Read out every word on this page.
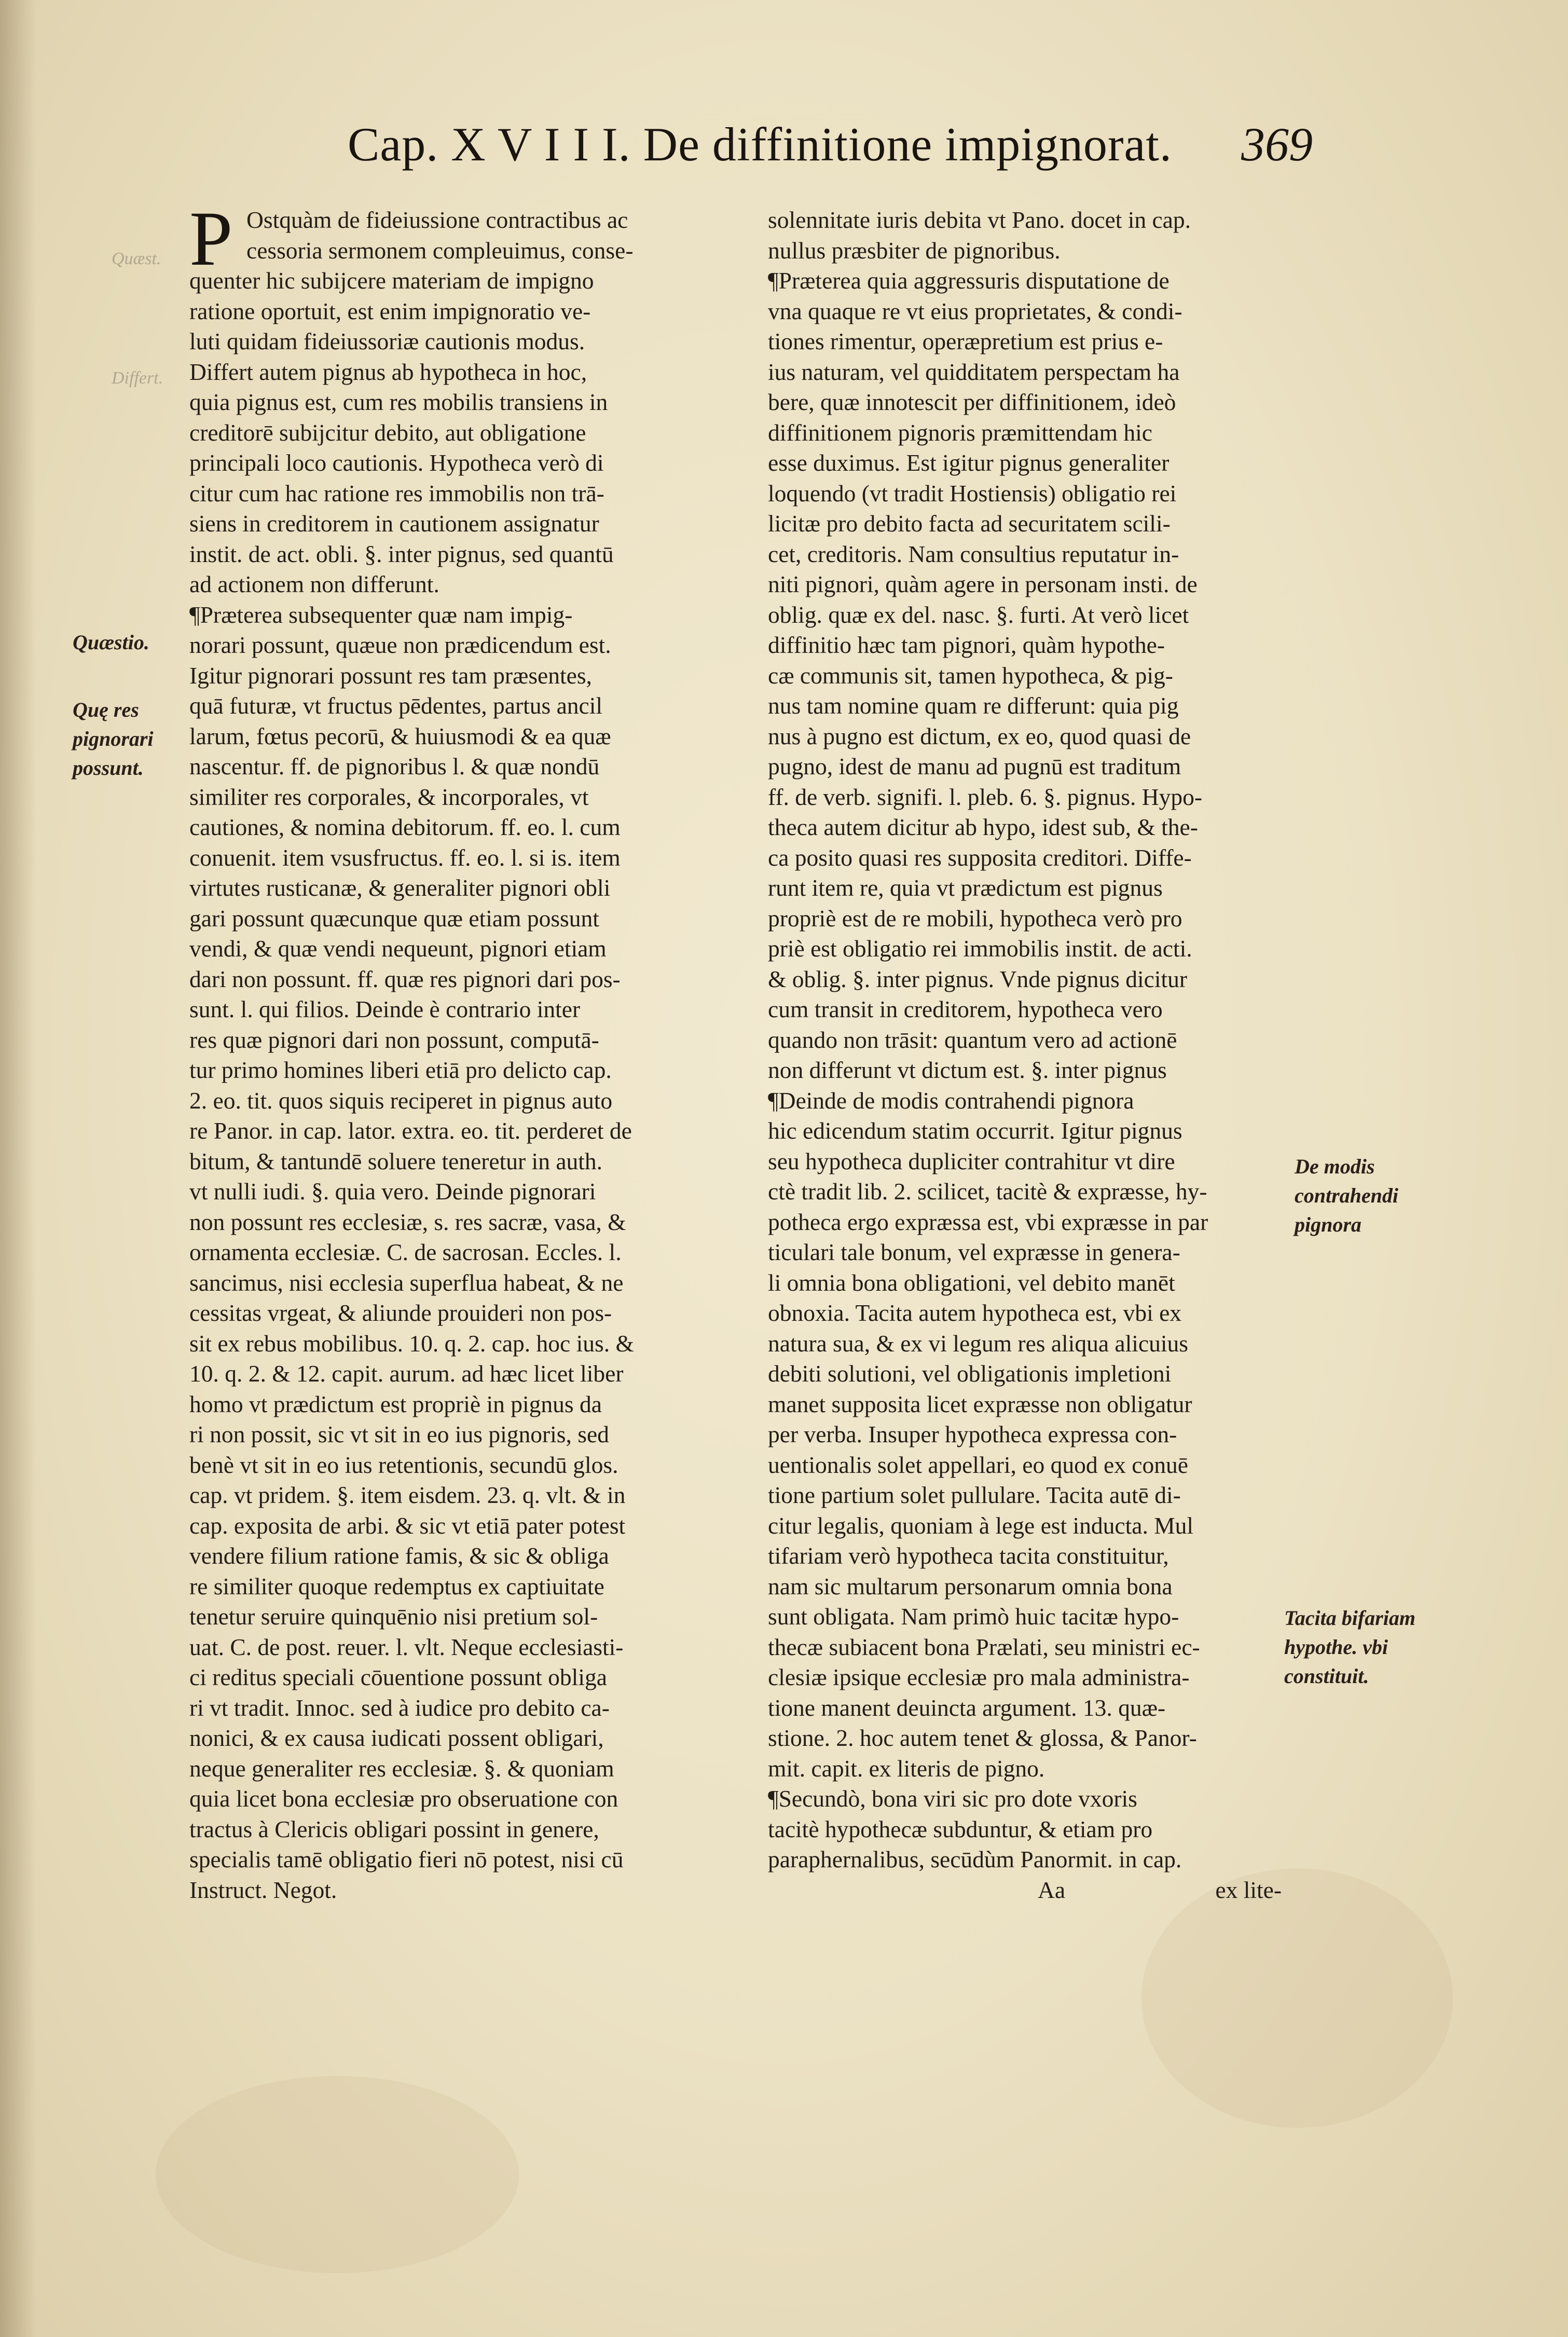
Cap. X V I I I. De diffinitione impignorat. 369
Quæst.
Differt.
Quæstio.
Quę res pignorari possunt.
De modis contrahendi pignora
Tacita bifariam hypothe. vbi constituit.
P Ostquàm de fideiussione contractibus ac
cessoria sermonem compleuimus, conse-
quenter hic subijcere materiam de impigno
ratione oportuit, est enim impignoratio ve-
luti quidam fideiussoriæ cautionis modus.
Differt autem pignus ab hypotheca in hoc,
quia pignus est, cum res mobilis transiens in
creditorē subijcitur debito, aut obligatione
principali loco cautionis. Hypotheca verò di
citur cum hac ratione res immobilis non trā-
siens in creditorem in cautionem assignatur
instit. de act. obli. §. inter pignus, sed quantū
ad actionem non differunt.
¶Præterea subsequenter quæ nam impig-
norari possunt, quæue non prædicendum est.
Igitur pignorari possunt res tam præsentes,
quā futuræ, vt fructus pēdentes, partus ancil
larum, fœtus pecorū, & huiusmodi & ea quæ
nascentur. ff. de pignoribus l. & quæ nondū
similiter res corporales, & incorporales, vt
cautiones, & nomina debitorum. ff. eo. l. cum
conuenit. item vsusfructus. ff. eo. l. si is. item
virtutes rusticanæ, & generaliter pignori obli
gari possunt quæcunque quæ etiam possunt
vendi, & quæ vendi nequeunt, pignori etiam
dari non possunt. ff. quæ res pignori dari pos-
sunt. l. qui filios. Deinde è contrario inter
res quæ pignori dari non possunt, computā-
tur primo homines liberi etiā pro delicto cap.
2. eo. tit. quos siquis reciperet in pignus auto
re Panor. in cap. lator. extra. eo. tit. perderet de
bitum, & tantundē soluere teneretur in auth.
vt nulli iudi. §. quia vero. Deinde pignorari
non possunt res ecclesiæ, s. res sacræ, vasa, &
ornamenta ecclesiæ. C. de sacrosan. Eccles. l.
sancimus, nisi ecclesia superflua habeat, & ne
cessitas vrgeat, & aliunde prouideri non pos-
sit ex rebus mobilibus. 10. q. 2. cap. hoc ius. &
10. q. 2. & 12. capit. aurum. ad hæc licet liber
homo vt prædictum est propriè in pignus da
ri non possit, sic vt sit in eo ius pignoris, sed
benè vt sit in eo ius retentionis, secundū glos.
cap. vt pridem. §. item eisdem. 23. q. vlt. & in
cap. exposita de arbi. & sic vt etiā pater potest
vendere filium ratione famis, & sic & obliga
re similiter quoque redemptus ex captiuitate
tenetur seruire quinquēnio nisi pretium sol-
uat. C. de post. reuer. l. vlt. Neque ecclesiasti-
ci reditus speciali cōuentione possunt obliga
ri vt tradit. Innoc. sed à iudice pro debito ca-
nonici, & ex causa iudicati possent obligari,
neque generaliter res ecclesiæ. §. & quoniam
quia licet bona ecclesiæ pro obseruatione con
tractus à Clericis obligari possint in genere,
specialis tamē obligatio fieri nō potest, nisi cū
Instruct. Negot.
solennitate iuris debita vt Pano. docet in cap.
nullus præsbiter de pignoribus.
¶Præterea quia aggressuris disputatione de
vna quaque re vt eius proprietates, & condi-
tiones rimentur, operæpretium est prius e-
ius naturam, vel quidditatem perspectam ha
bere, quæ innotescit per diffinitionem, ideò
diffinitionem pignoris præmittendam hic
esse duximus. Est igitur pignus generaliter
loquendo (vt tradit Hostiensis) obligatio rei
licitæ pro debito facta ad securitatem scili-
cet, creditoris. Nam consultius reputatur in-
niti pignori, quàm agere in personam insti. de
oblig. quæ ex del. nasc. §. furti. At verò licet
diffinitio hæc tam pignori, quàm hypothe-
cæ communis sit, tamen hypotheca, & pig-
nus tam nomine quam re differunt: quia pig
nus à pugno est dictum, ex eo, quod quasi de
pugno, idest de manu ad pugnū est traditum
ff. de verb. signifi. l. pleb. 6. §. pignus. Hypo-
theca autem dicitur ab hypo, idest sub, & the-
ca posito quasi res supposita creditori. Diffe-
runt item re, quia vt prædictum est pignus
propriè est de re mobili, hypotheca verò pro
priè est obligatio rei immobilis instit. de acti.
& oblig. §. inter pignus. Vnde pignus dicitur
cum transit in creditorem, hypotheca vero
quando non trāsit: quantum vero ad actionē
non differunt vt dictum est. §. inter pignus
¶Deinde de modis contrahendi pignora
hic edicendum statim occurrit. Igitur pignus
seu hypotheca dupliciter contrahitur vt dire
ctè tradit lib. 2. scilicet, tacitè & expræsse, hy-
potheca ergo expræssa est, vbi expræsse in par
ticulari tale bonum, vel expræsse in genera-
li omnia bona obligationi, vel debito manēt
obnoxia. Tacita autem hypotheca est, vbi ex
natura sua, & ex vi legum res aliqua alicuius
debiti solutioni, vel obligationis impletioni
manet supposita licet expræsse non obligatur
per verba. Insuper hypotheca expressa con-
uentionalis solet appellari, eo quod ex conuē
tione partium solet pullulare. Tacita autē di-
citur legalis, quoniam à lege est inducta. Mul
tifariam verò hypotheca tacita constituitur,
nam sic multarum personarum omnia bona
sunt obligata. Nam primò huic tacitæ hypo-
thecæ subiacent bona Prælati, seu ministri ec-
clesiæ ipsique ecclesiæ pro mala administra-
tione manent deuincta argument. 13. quæ-
stione. 2. hoc autem tenet & glossa, & Panor-
mit. capit. ex literis de pigno.
¶Secundò, bona viri sic pro dote vxoris
tacitè hypothecæ subduntur, & etiam pro
paraphernalibus, secūdùm Panormit. in cap.
Aa	ex lite-
